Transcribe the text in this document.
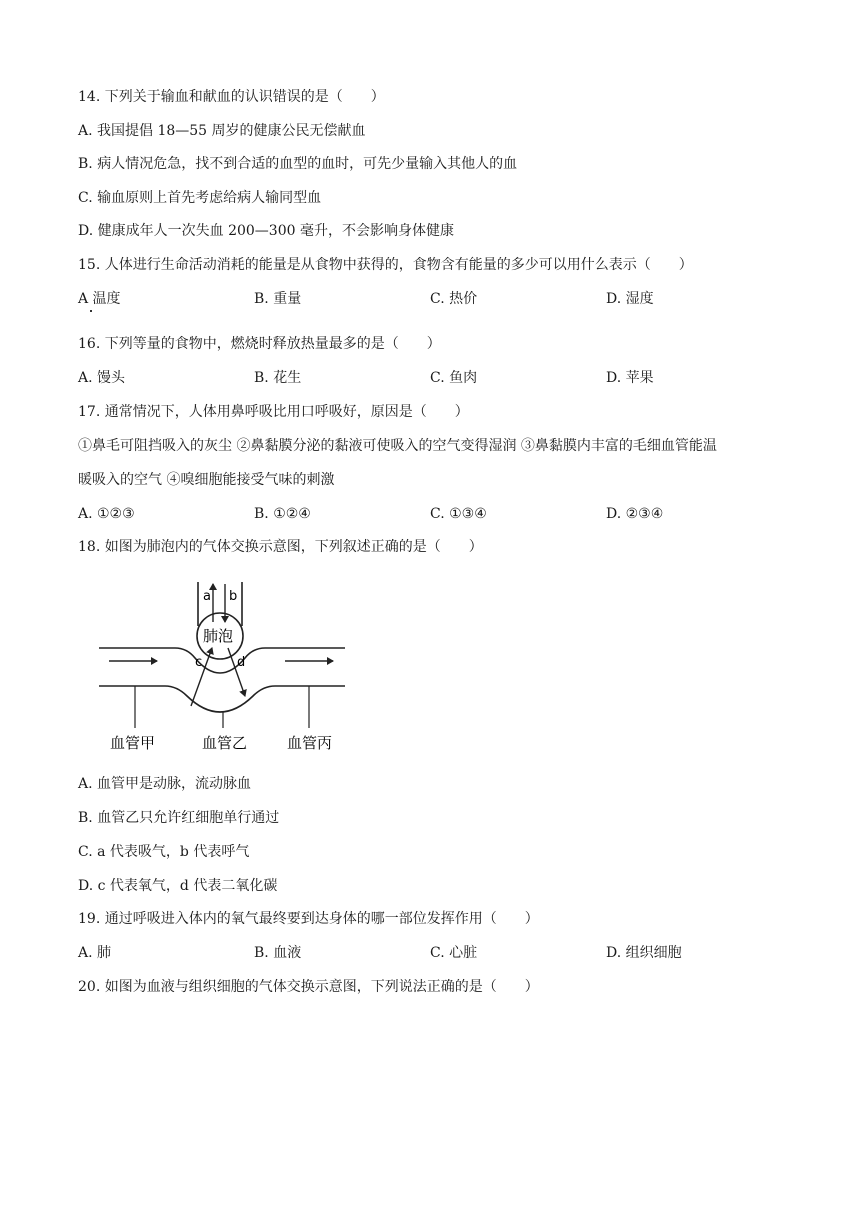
14. 下列关于输血和献血的认识错误的是（　　）
A. 我国提倡 18—55 周岁的健康公民无偿献血
B. 病人情况危急，找不到合适的血型的血时，可先少量输入其他人的血
C. 输血原则上首先考虑给病人输同型血
D. 健康成年人一次失血 200—300 毫升，不会影响身体健康
15. 人体进行生命活动消耗的能量是从食物中获得的，食物含有能量的多少可以用什么表示（　　）
A 温度	B. 重量	C. 热价	D. 湿度
16. 下列等量的食物中，燃烧时释放热量最多的是（　　）
A. 馒头	B. 花生	C. 鱼肉	D. 苹果
17. 通常情况下，人体用鼻呼吸比用口呼吸好，原因是（　　）
①鼻毛可阻挡吸入的灰尘 ②鼻黏膜分泌的黏液可使吸入的空气变得湿润 ③鼻黏膜内丰富的毛细血管能温
暖吸入的空气 ④嗅细胞能接受气味的刺激
A. ①②③	B. ①②④	C. ①③④	D. ②③④
18. 如图为肺泡内的气体交换示意图，下列叙述正确的是（　　）
a b
肺泡
c	d
血管甲	血管乙	血管丙
A. 血管甲是动脉，流动脉血
B. 血管乙只允许红细胞单行通过
C. a 代表吸气，b 代表呼气
D. c 代表氧气，d 代表二氧化碳
19. 通过呼吸进入体内的氧气最终要到达身体的哪一部位发挥作用（　　）
A. 肺	B. 血液	C. 心脏	D. 组织细胞
20. 如图为血液与组织细胞的气体交换示意图，下列说法正确的是（　　）
